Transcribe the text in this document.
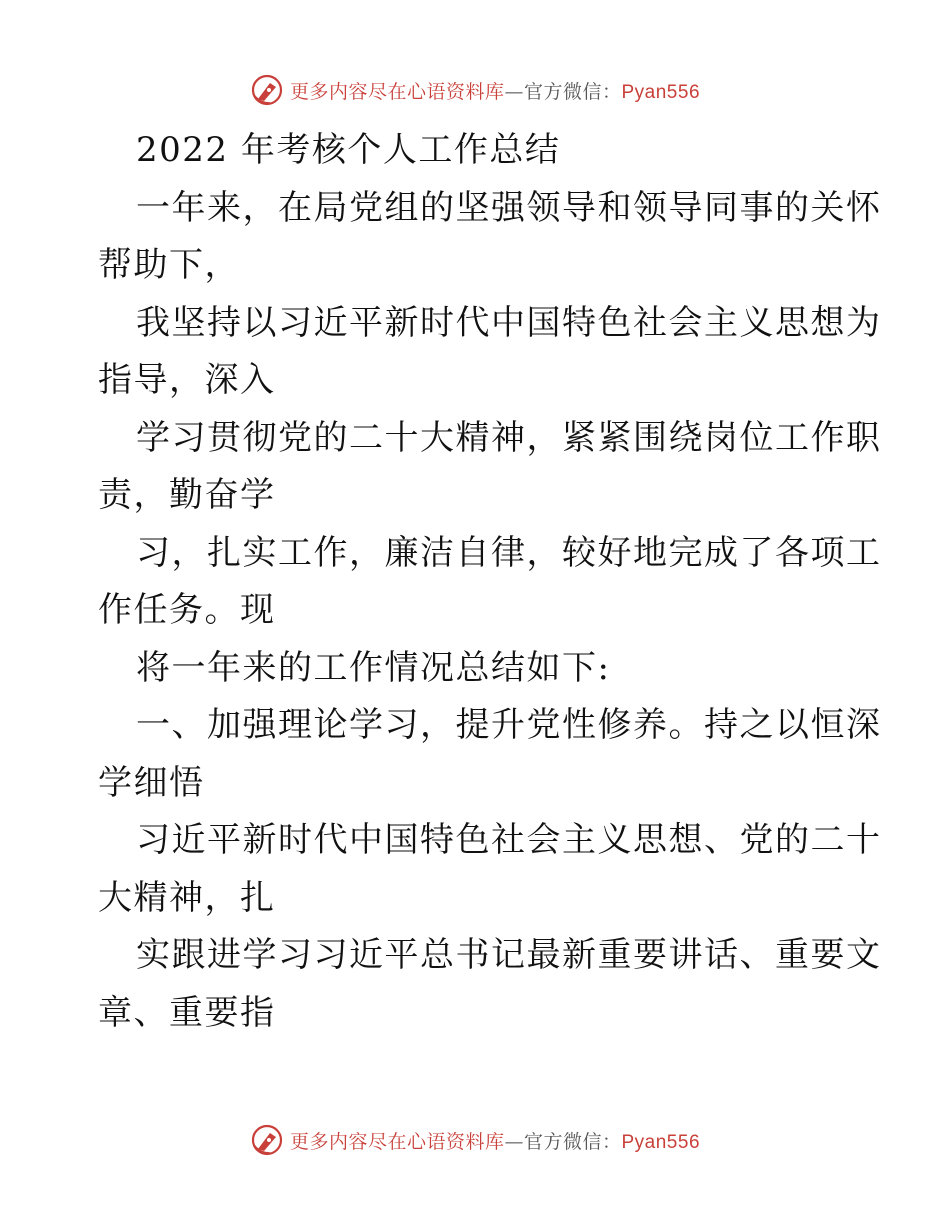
更多内容尽在心语资料库—官方微信：Pyan556
2022 年考核个人工作总结
一年来，在局党组的坚强领导和领导同事的关怀
帮助下，
我坚持以习近平新时代中国特色社会主义思想为
指导，深入
学习贯彻党的二十大精神，紧紧围绕岗位工作职
责，勤奋学
习，扎实工作，廉洁自律，较好地完成了各项工
作任务。现
将一年来的工作情况总结如下:
一、加强理论学习，提升党性修养。持之以恒深
学细悟
习近平新时代中国特色社会主义思想、党的二十
大精神，扎
实跟进学习习近平总书记最新重要讲话、重要文
章、重要指
更多内容尽在心语资料库—官方微信：Pyan556
